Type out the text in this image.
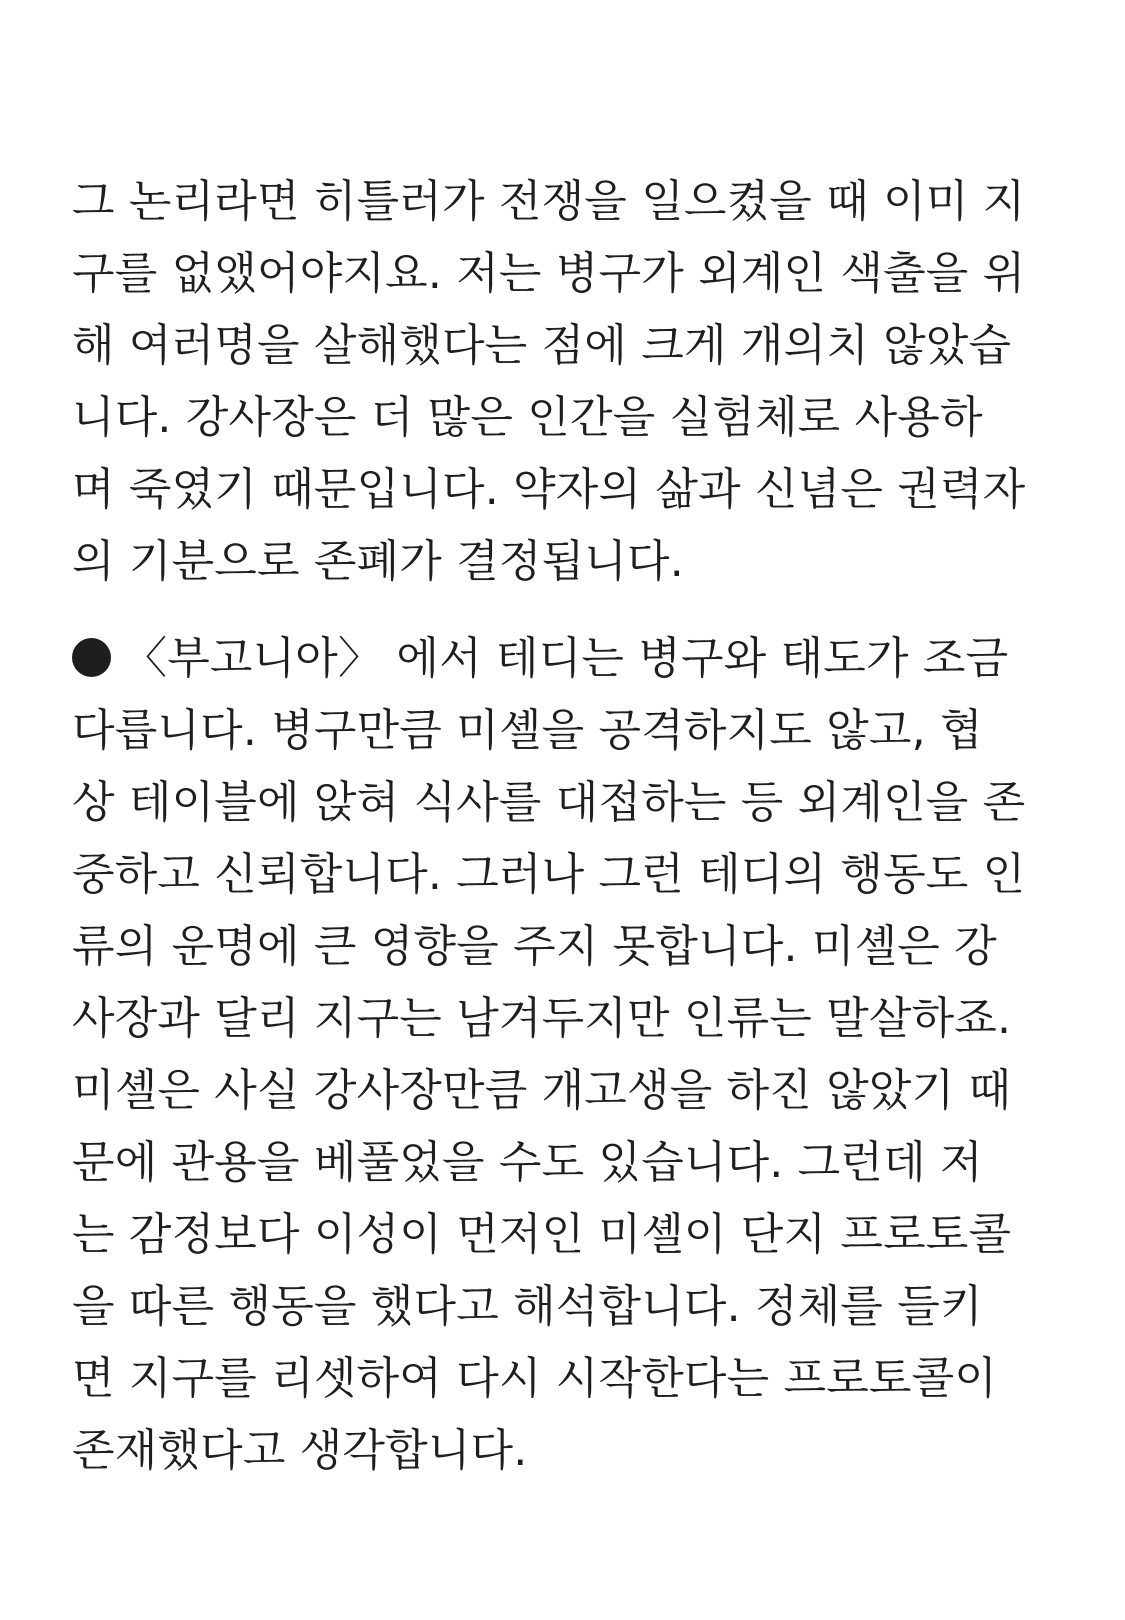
그 논리라면 히틀러가 전쟁을 일으켰을 때 이미 지
구를 없앴어야지요. 저는 병구가 외계인 색출을 위
해 여러명을 살해했다는 점에 크게 개의치 않았습
니다. 강사장은 더 많은 인간을 실험체로 사용하
며 죽였기 때문입니다. 약자의 삶과 신념은 권력자
의 기분으로 존폐가 결정됩니다.

〈부고니아〉 에서 테디는 병구와 태도가 조금
다릅니다. 병구만큼 미셸을 공격하지도 않고, 협
상 테이블에 앉혀 식사를 대접하는 등 외계인을 존
중하고 신뢰합니다. 그러나 그런 테디의 행동도 인
류의 운명에 큰 영향을 주지 못합니다. 미셸은 강
사장과 달리 지구는 남겨두지만 인류는 말살하죠.
미셸은 사실 강사장만큼 개고생을 하진 않았기 때
문에 관용을 베풀었을 수도 있습니다. 그런데 저
는 감정보다 이성이 먼저인 미셸이 단지 프로토콜
을 따른 행동을 했다고 해석합니다. 정체를 들키
면 지구를 리셋하여 다시 시작한다는 프로토콜이
존재했다고 생각합니다.
